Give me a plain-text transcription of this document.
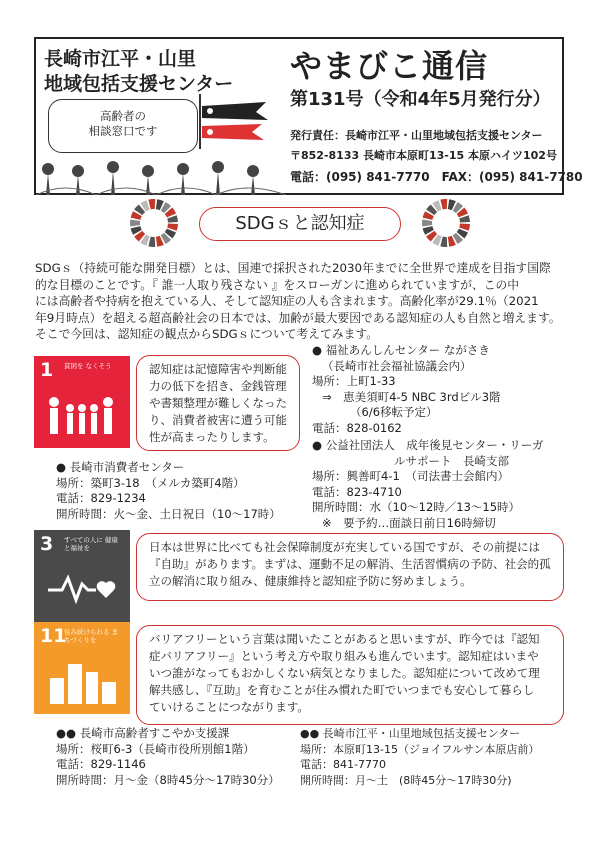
長崎市江平・山里
地域包括支援センター
高齢者の
相談窓口です
やまびこ通信
第131号（令和4年5月発行分）
発行責任：長崎市江平・山里地域包括支援センター
〒852-8133 長崎市本原町13-15 本原ハイツ102号
電話：(095) 841-7770　FAX：(095) 841-7780
SDGｓと認知症
SDGｓ（持続可能な開発目標）とは、国連で採択された2030年までに全世界で達成を目指す国際
的な目標のことです。『 誰一人取り残さない 』をスローガンに進められていますが、この中
には高齢者や持病を抱えている人、そして認知症の人も含まれます。高齢化率が29.1％（2021
年9月時点）を超える超高齢社会の日本では、加齢が最大要因である認知症の人も自然と増えます。
そこで今回は、認知症の観点からSDGｓについて考えてみます。
1 貧困を なくそう	認知症は記憶障害や判断能
力の低下を招き、金銭管理
や書類整理が難しくなった
り、消費者被害に遭う可能
性が高まったりします。
● 福祉あんしんセンター ながさき
（長崎市社会福祉協議会内）
場所：上町1-33
⇒　恵美須町4-5 NBC 3rdビル3階
（6/6移転予定）
電話：828-0162
● 公益社団法人　成年後見センター・リーガ
ルサポート　長崎支部
場所：興善町4-1　（司法書士会館内）
電話：823-4710
開所時間：水（10～12時／13～15時）
※　要予約…面談日前日16時締切
● 長崎市消費者センター
場所：築町3-18　（メルカ築町4階）
電話：829-1234
開所時間：火～金、土日祝日（10～17時）
3 すべての人に 健康と福祉を	日本は世界に比べても社会保障制度が充実している国ですが、その前提には
『自助』があります。まずは、運動不足の解消、生活習慣病の予防、社会的孤
立の解消に取り組み、健康維持と認知症予防に努めましょう。
11
住み続けられる まちづくりを	バリアフリーという言葉は聞いたことがあると思いますが、昨今では『認知
症バリアフリー』という考え方や取り組みも進んでいます。認知症はいまや
いつ誰がなってもおかしくない病気となりました。認知症について改めて理
解共感し、『互助』を育むことが住み慣れた町でいつまでも安心して暮らし
ていけることにつながります。
●● 長崎市高齢者すこやか支援課
場所：桜町6-3（長崎市役所別館1階）
電話：829-1146
開所時間：月～金（8時45分～17時30分）
●● 長崎市江平・山里地域包括支援センター
場所：本原町13-15（ジョイフルサン本原店前）
電話：841-7770
開所時間：月～土　(8時45分～17時30分)
